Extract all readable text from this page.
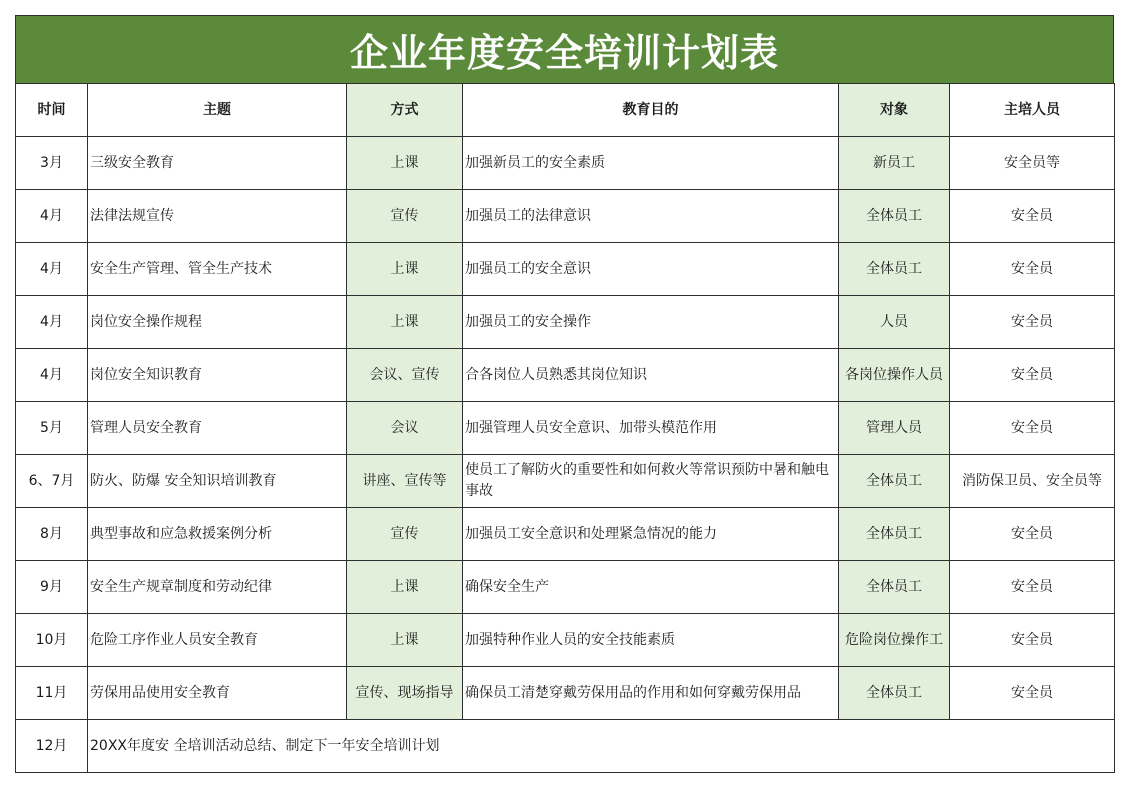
企业年度安全培训计划表
时间	主题	方式	教育目的	对象	主培人员
3月	三级安全教育	上课	加强新员工的安全素质	新员工	安全员等
4月	法律法规宣传	宣传	加强员工的法律意识	全体员工	安全员
4月	安全生产管理、管全生产技术	上课	加强员工的安全意识	全体员工	安全员
4月	岗位安全操作规程	上课	加强员工的安全操作	人员	安全员
4月	岗位安全知识教育	会议、宣传	合各岗位人员熟悉其岗位知识	各岗位操作人员	安全员
5月	管理人员安全教育	会议	加强管理人员安全意识、加带头模范作用	管理人员	安全员
6、7月	防火、防爆 安全知识培训教育	讲座、宣传等	使员工了解防火的重要性和如何救火等常识预防中暑和触电事故	全体员工	消防保卫员、安全员等
8月	典型事故和应急救援案例分析	宣传	加强员工安全意识和处理紧急情况的能力	全体员工	安全员
9月	安全生产规章制度和劳动纪律	上课	确保安全生产	全体员工	安全员
10月	危险工序作业人员安全教育	上课	加强特种作业人员的安全技能素质	危险岗位操作工	安全员
11月	劳保用品使用安全教育	宣传、现场指导	确保员工清楚穿戴劳保用品的作用和如何穿戴劳保用品	全体员工	安全员
12月	20XX年度安 全培训活动总结、制定下一年安全培训计划				
